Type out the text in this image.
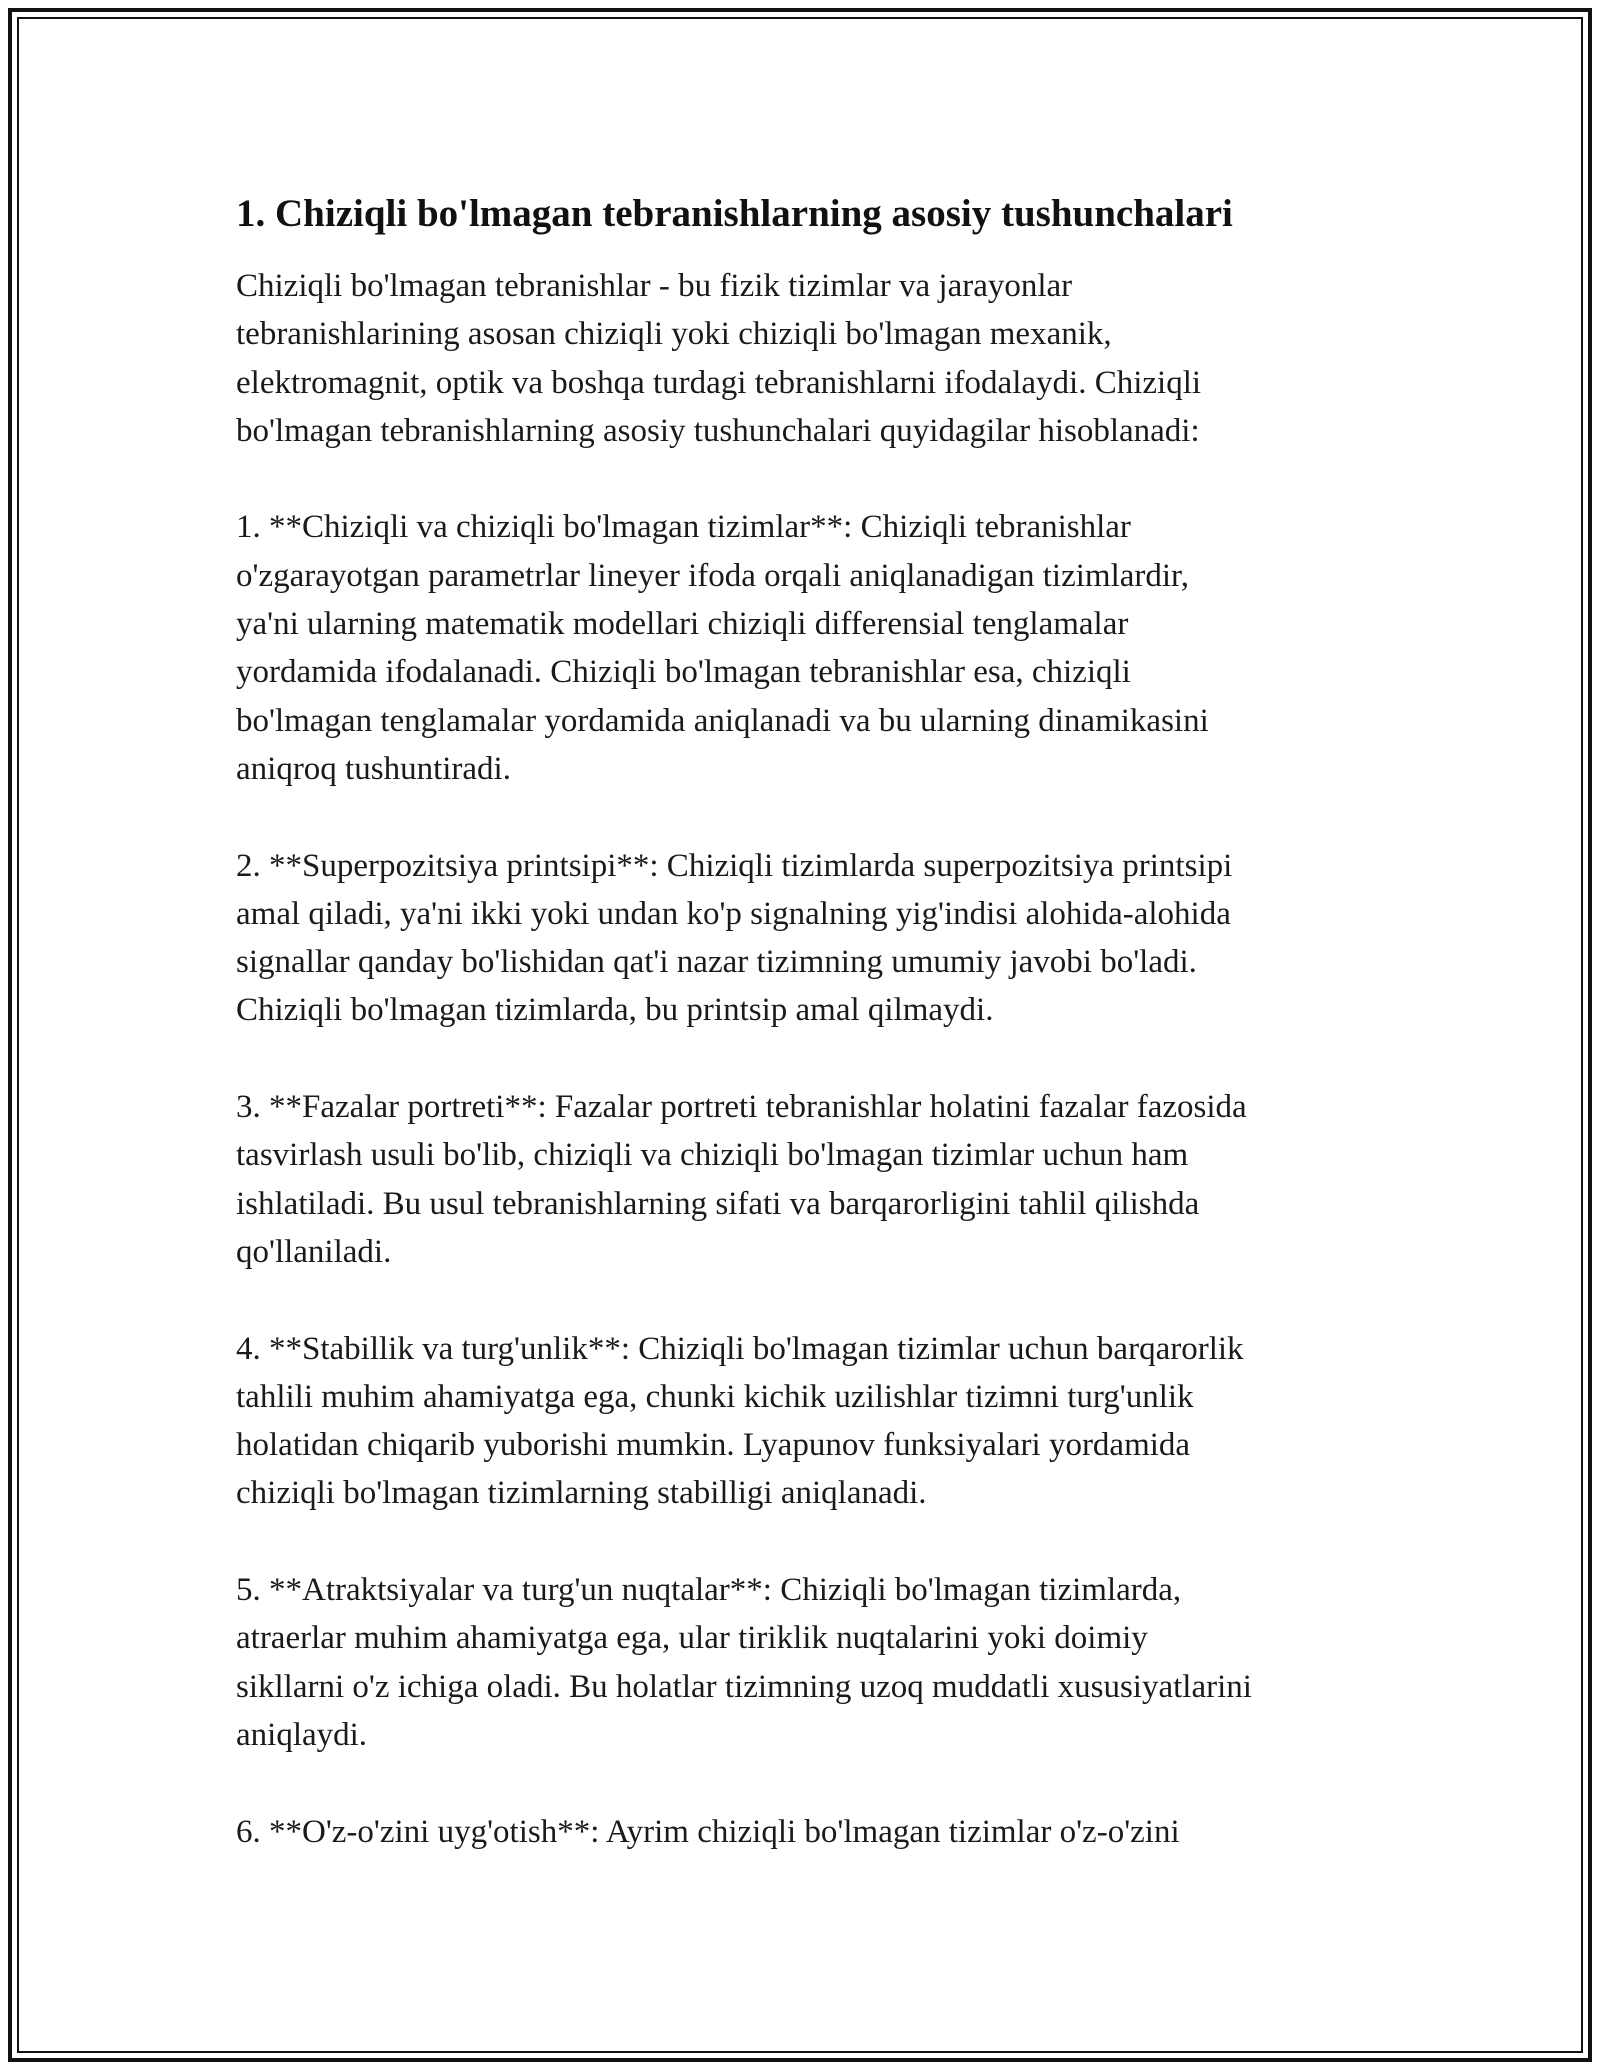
1. Chiziqli bo'lmagan tebranishlarning asosiy tushunchalari

Chiziqli bo'lmagan tebranishlar - bu fizik tizimlar va jarayonlar
tebranishlarining asosan chiziqli yoki chiziqli bo'lmagan mexanik,
elektromagnit, optik va boshqa turdagi tebranishlarni ifodalaydi. Chiziqli
bo'lmagan tebranishlarning asosiy tushunchalari quyidagilar hisoblanadi:

1. **Chiziqli va chiziqli bo'lmagan tizimlar**: Chiziqli tebranishlar
o'zgarayotgan parametrlar lineyer ifoda orqali aniqlanadigan tizimlardir,
ya'ni ularning matematik modellari chiziqli differensial tenglamalar
yordamida ifodalanadi. Chiziqli bo'lmagan tebranishlar esa, chiziqli
bo'lmagan tenglamalar yordamida aniqlanadi va bu ularning dinamikasini
aniqroq tushuntiradi.

2. **Superpozitsiya printsipi**: Chiziqli tizimlarda superpozitsiya printsipi
amal qiladi, ya'ni ikki yoki undan ko'p signalning yig'indisi alohida-alohida
signallar qanday bo'lishidan qat'i nazar tizimning umumiy javobi bo'ladi.
Chiziqli bo'lmagan tizimlarda, bu printsip amal qilmaydi.

3. **Fazalar portreti**: Fazalar portreti tebranishlar holatini fazalar fazosida
tasvirlash usuli bo'lib, chiziqli va chiziqli bo'lmagan tizimlar uchun ham
ishlatiladi. Bu usul tebranishlarning sifati va barqarorligini tahlil qilishda
qo'llaniladi.

4. **Stabillik va turg'unlik**: Chiziqli bo'lmagan tizimlar uchun barqarorlik
tahlili muhim ahamiyatga ega, chunki kichik uzilishlar tizimni turg'unlik
holatidan chiqarib yuborishi mumkin. Lyapunov funksiyalari yordamida
chiziqli bo'lmagan tizimlarning stabilligi aniqlanadi.

5. **Atraktsiyalar va turg'un nuqtalar**: Chiziqli bo'lmagan tizimlarda,
atraerlar muhim ahamiyatga ega, ular tiriklik nuqtalarini yoki doimiy
sikllarni o'z ichiga oladi. Bu holatlar tizimning uzoq muddatli xususiyatlarini
aniqlaydi.

6. **O'z-o'zini uyg'otish**: Ayrim chiziqli bo'lmagan tizimlar o'z-o'zini
